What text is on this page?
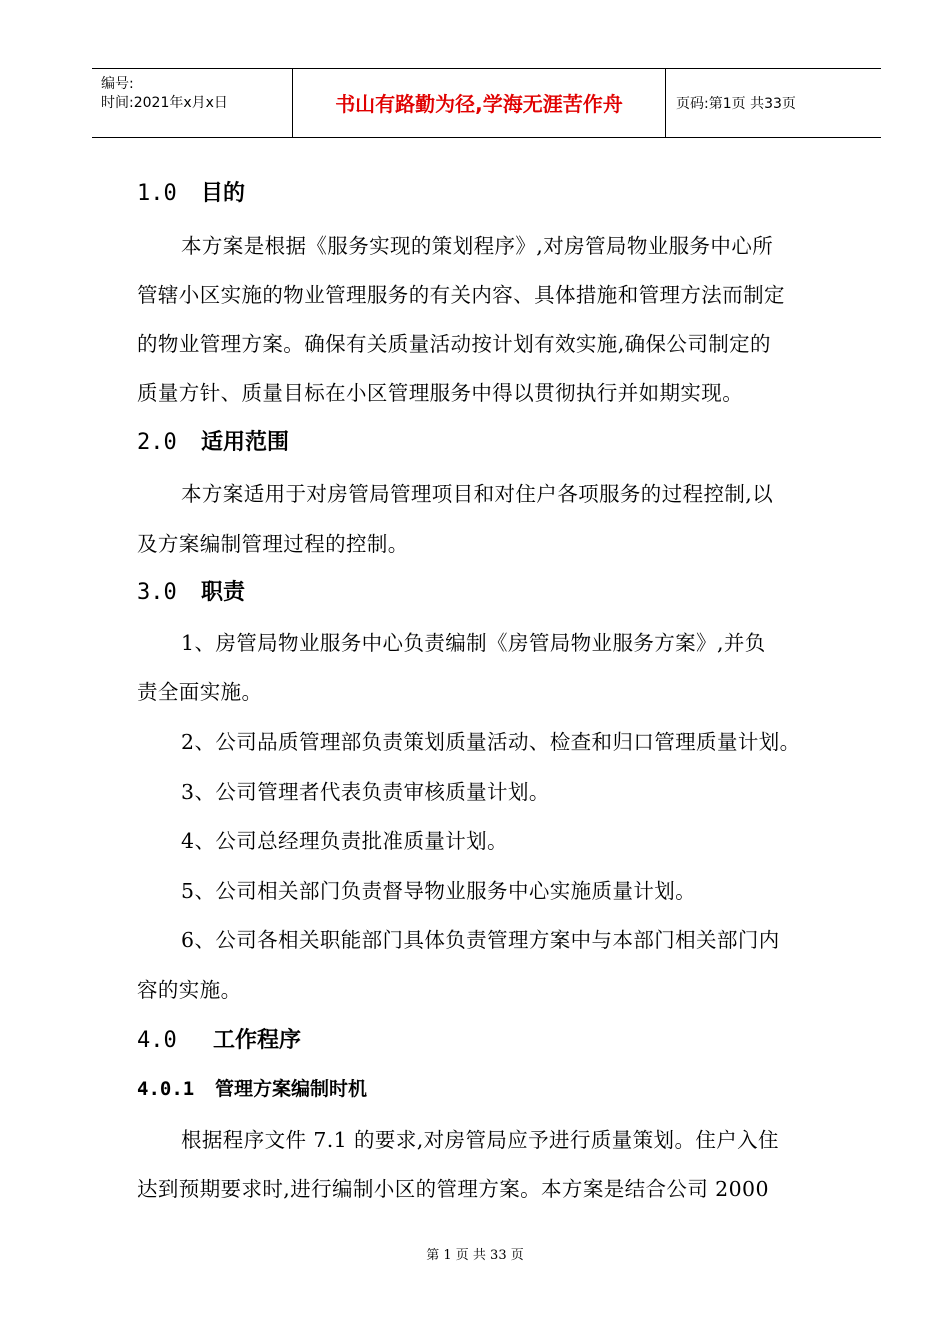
编号:
时间:2021年x月x日	书山有路勤为径,学海无涯苦作舟	页码:第1页 共33页
1.0 目的
本方案是根据《服务实现的策划程序》,对房管局物业服务中心所
管辖小区实施的物业管理服务的有关内容、具体措施和管理方法而制定
的物业管理方案。确保有关质量活动按计划有效实施,确保公司制定的
质量方针、质量目标在小区管理服务中得以贯彻执行并如期实现。
2.0 适用范围
本方案适用于对房管局管理项目和对住户各项服务的过程控制,以
及方案编制管理过程的控制。
3.0 职责
1、房管局物业服务中心负责编制《房管局物业服务方案》,并负
责全面实施。
2、公司品质管理部负责策划质量活动、检查和归口管理质量计划。
3、公司管理者代表负责审核质量计划。
4、公司总经理负责批准质量计划。
5、公司相关部门负责督导物业服务中心实施质量计划。
6、公司各相关职能部门具体负责管理方案中与本部门相关部门内
容的实施。
4.0 工作程序
4.0.1 管理方案编制时机
根据程序文件 7.1 的要求,对房管局应予进行质量策划。住户入住
达到预期要求时,进行编制小区的管理方案。本方案是结合公司 2000
第 1 页 共 33 页
